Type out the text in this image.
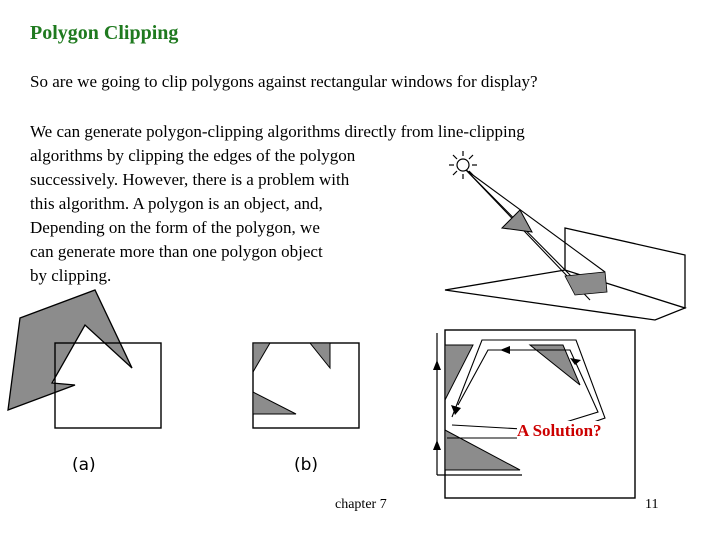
Polygon Clipping
So are we going to clip polygons against rectangular windows for display?
We can generate polygon-clipping algorithms directly from line-clipping
algorithms by clipping the edges of the polygon
successively. However, there is a problem with
this algorithm. A polygon is an object, and,
Depending on the form of the polygon, we
can generate more than one polygon object
by clipping.
(a)	(b)
A Solution?
chapter 7	11
